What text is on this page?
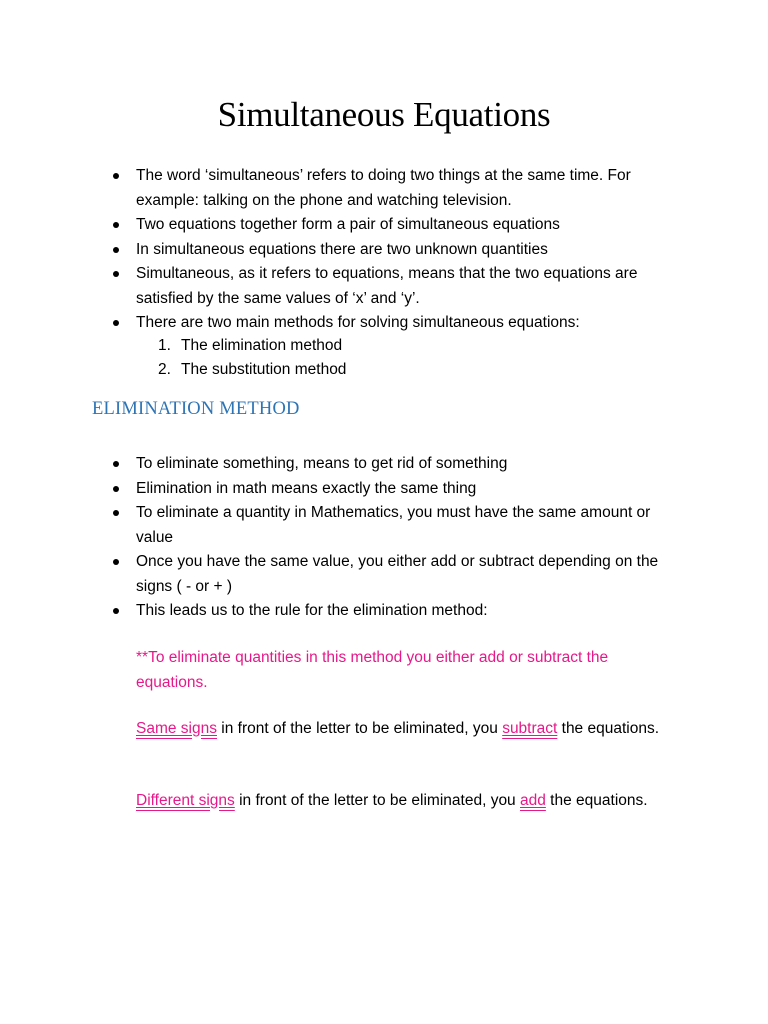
Simultaneous Equations
The word ‘simultaneous’ refers to doing two things at the same time. For example: talking on the phone and watching television.
Two equations together form a pair of simultaneous equations
In simultaneous equations there are two unknown quantities
Simultaneous, as it refers to equations, means that the two equations are satisfied by the same values of ‘x’ and ‘y’.
There are two main methods for solving simultaneous equations:
1. The elimination method
2. The substitution method
ELIMINATION METHOD
To eliminate something, means to get rid of something
Elimination in math means exactly the same thing
To eliminate a quantity in Mathematics, you must have the same amount or value
Once you have the same value, you either add or subtract depending on the signs ( - or + )
This leads us to the rule for the elimination method:
**To eliminate quantities in this method you either add or subtract the equations.
Same signs in front of the letter to be eliminated, you subtract the equations.
Different signs in front of the letter to be eliminated, you add the equations.
